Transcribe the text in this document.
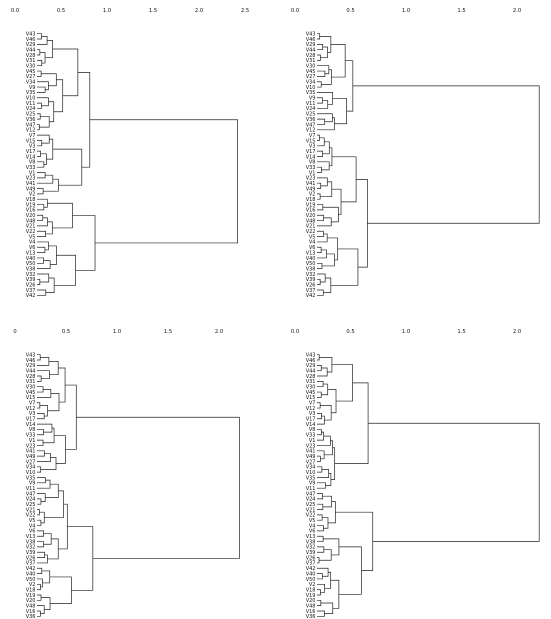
0.0	0.5	1.0	1.5	2.0	2.5
V43
V46
V29
V44
V28
V31
V30
V45
V27
V34
V9
V35
V10
V11
V24
V25
V36
V47
V12
V7
V15
V3
V17
V14
V8
V33
V1
V23
V41
V49
V2
V18
V19
V16
V20
V48
V21
V22
V5
V4
V6
V13
V40
V50
V38
V32
V39
V26
V37
V42
0.0	0.5	1.0	1.5	2.0
V43
V46
V29
V44
V28
V31
V30
V45
V27
V34
V10
V35
V9
V11
V24
V25
V36
V47
V12
V7
V15
V3
V17
V14
V8
V33
V1
V23
V41
V49
V2
V18
V19
V16
V20
V48
V21
V22
V5
V4
V6
V13
V40
V50
V38
V32
V39
V26
V37
V42
0	0.5	1.0	1.5	2.0
V43
V46
V29
V44
V28
V31
V30
V45
V15
V7
V12
V3
V17
V14
V8
V33
V1
V23
V41
V49
V27
V34
V10
V35
V9
V11
V47
V24
V25
V21
V22
V5
V4
V6
V13
V38
V32
V39
V26
V37
V42
V40
V50
V2
V18
V19
V20
V48
V16
V36
0.0	0.5	1.0	1.5	2.0
V43
V46
V29
V44
V28
V31
V30
V45
V15
V7
V12
V3
V17
V14
V8
V33
V1
V23
V41
V49
V27
V34
V10
V35
V9
V11
V47
V24
V25
V21
V22
V5
V4
V6
V13
V38
V32
V39
V26
V37
V42
V40
V50
V2
V18
V19
V20
V48
V16
V36
